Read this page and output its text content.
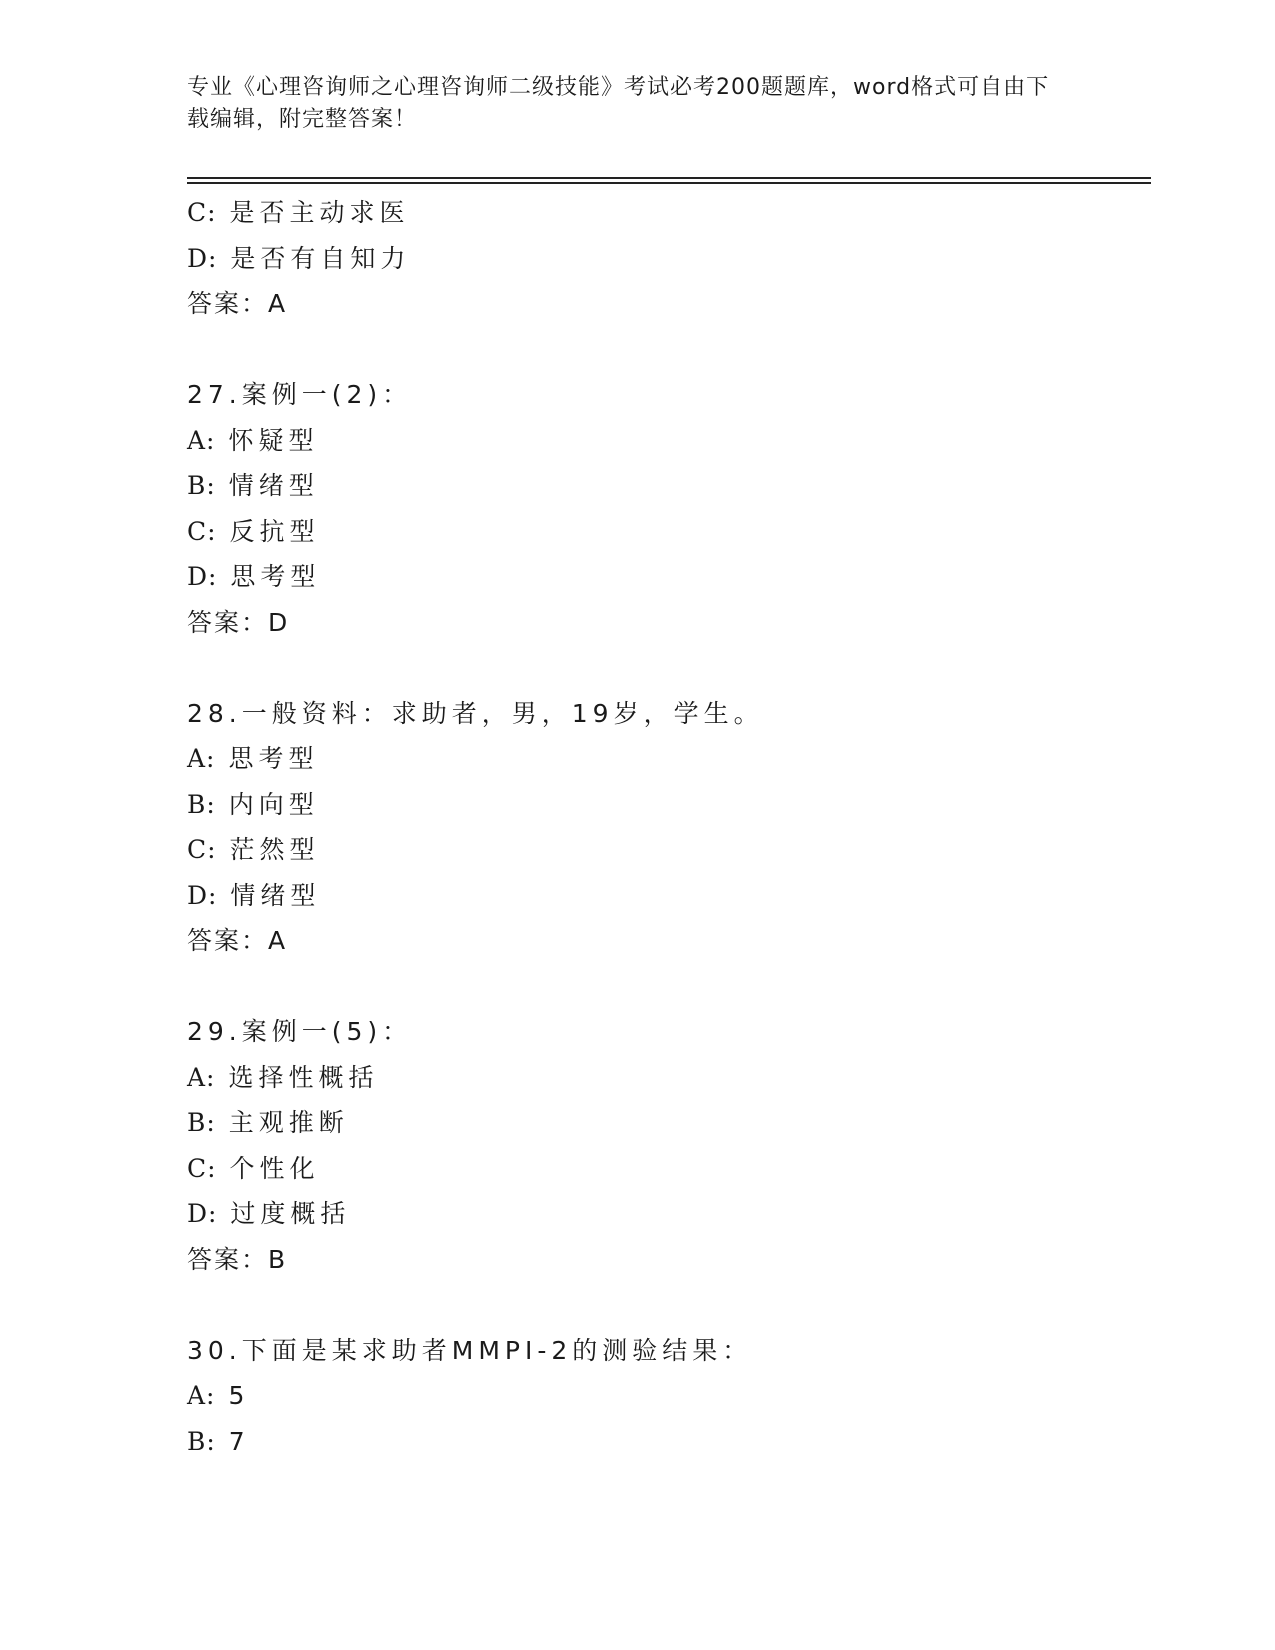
专业《心理咨询师之心理咨询师二级技能》考试必考200题题库，word格式可自由下载编辑，附完整答案！
C: 是否主动求医
D: 是否有自知力
答案：A
27.案例一(2)：
A: 怀疑型
B: 情绪型
C: 反抗型
D: 思考型
答案：D
28.一般资料：求助者，男，19岁，学生。
A: 思考型
B: 内向型
C: 茫然型
D: 情绪型
答案：A
29.案例一(5)：
A: 选择性概括
B: 主观推断
C: 个性化
D: 过度概括
答案：B
30.下面是某求助者MMPI-2的测验结果：
A: 5
B: 7
